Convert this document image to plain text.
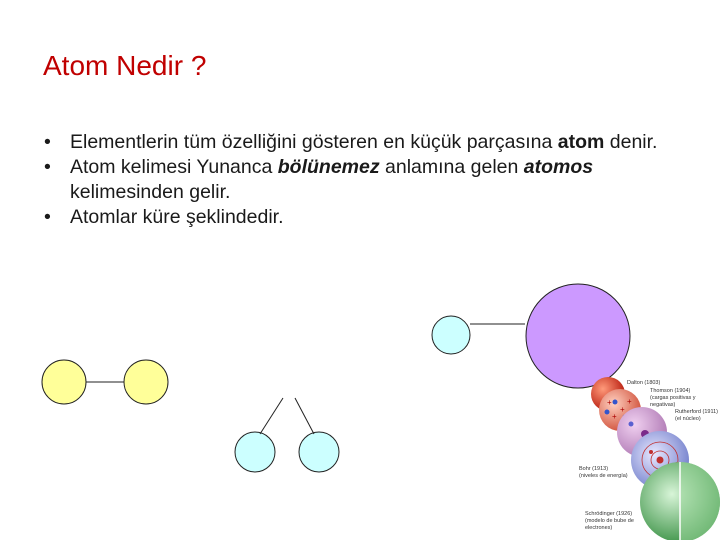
Atom Nedir ?
• Elementlerin tüm özelliğini gösteren en küçük parçasına atom denir.
• Atom kelimesi Yunanca bölünemez anlamına gelen atomos kelimesinden gelir.
• Atomlar küre şeklindedir.
+
+
+
+
Dalton (1803)
Thomson (1904)
(cargas positivas y
negativas)
Rutherford (1911)
(el núcleo)
Bohr (1913)
(niveles de energía)
Schrödinger (1926)
(modelo de bube de
electrones)
